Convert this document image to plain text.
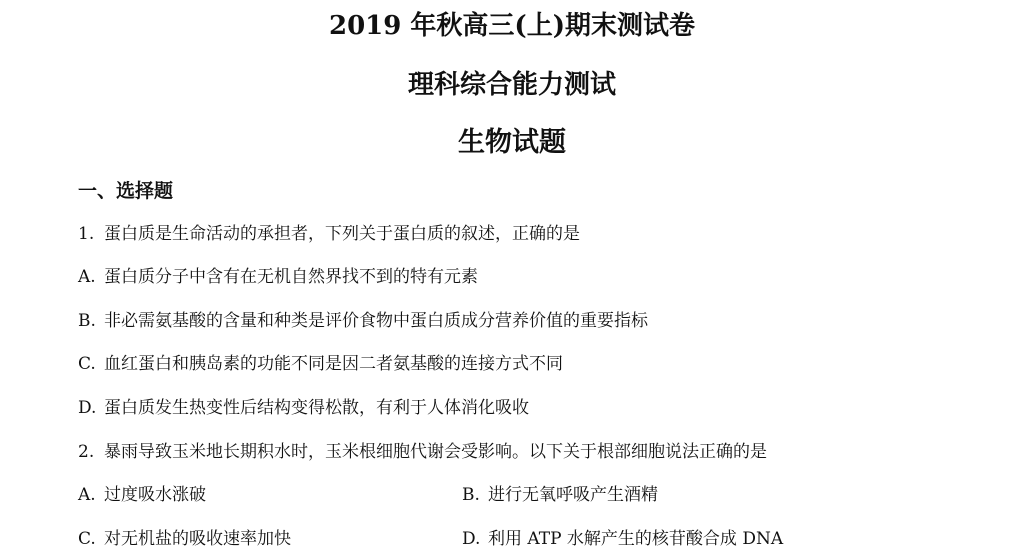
2019 年秋高三(上)期末测试卷
理科综合能力测试
生物试题
一、选择题
1. 蛋白质是生命活动的承担者，下列关于蛋白质的叙述，正确的是
A. 蛋白质分子中含有在无机自然界找不到的特有元素
B. 非必需氨基酸的含量和种类是评价食物中蛋白质成分营养价值的重要指标
C. 血红蛋白和胰岛素的功能不同是因二者氨基酸的连接方式不同
D. 蛋白质发生热变性后结构变得松散，有利于人体消化吸收
2. 暴雨导致玉米地长期积水时，玉米根细胞代谢会受影响。以下关于根部细胞说法正确的是
A. 过度吸水涨破	B. 进行无氧呼吸产生酒精
C. 对无机盐的吸收速率加快	D. 利用 ATP 水解产生的核苷酸合成 DNA
